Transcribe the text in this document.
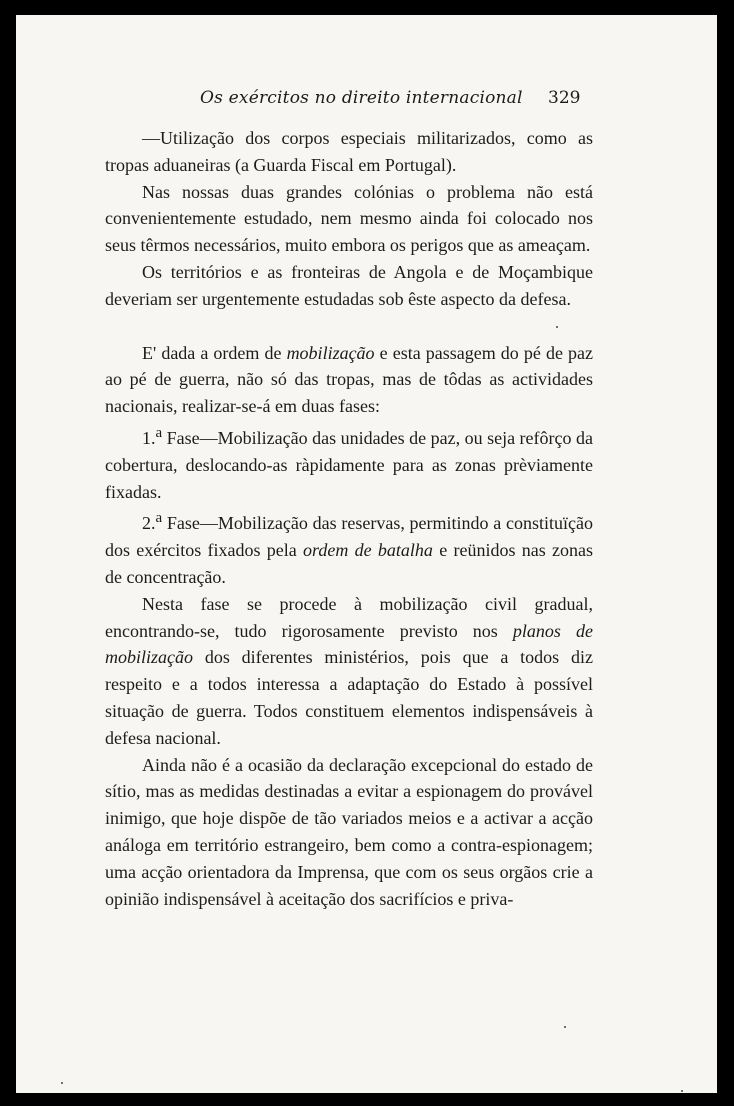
Os exércitos no direito internacional 329

—Utilização dos corpos especiais militarizados, como as tropas aduaneiras (a Guarda Fiscal em Portugal).

Nas nossas duas grandes colónias o problema não está convenientemente estudado, nem mesmo ainda foi colocado nos seus têrmos necessários, muito embora os perigos que as ameaçam.

Os territórios e as fronteiras de Angola e de Moçambique deveriam ser urgentemente estudadas sob êste aspecto da defesa.

E' dada a ordem de mobilização e esta passagem do pé de paz ao pé de guerra, não só das tropas, mas de tôdas as actividades nacionais, realizar-se-á em duas fases:

1.$^a$ Fase—Mobilização das unidades de paz, ou seja refôrço da cobertura, deslocando-as ràpidamente para as zonas prèviamente fixadas.

2.$^a$ Fase—Mobilização das reservas, permitindo a constituïção dos exércitos fixados pela ordem de batalha e reünidos nas zonas de concentração.

Nesta fase se procede à mobilização civil gradual, encontrando-se, tudo rigorosamente previsto nos planos de mobilização dos diferentes ministérios, pois que a todos diz respeito e a todos interessa a adaptação do Estado à possível situação de guerra. Todos constituem elementos indispensáveis à defesa nacional.

Ainda não é a ocasião da declaração excepcional do estado de sítio, mas as medidas destinadas a evitar a espionagem do provável inimigo, que hoje dispõe de tão variados meios e a activar a acção análoga em território estrangeiro, bem como a contra-espionagem; uma acção orientadora da Imprensa, que com os seus orgãos crie a opinião indispensável à aceitação dos sacrifícios e priva-
